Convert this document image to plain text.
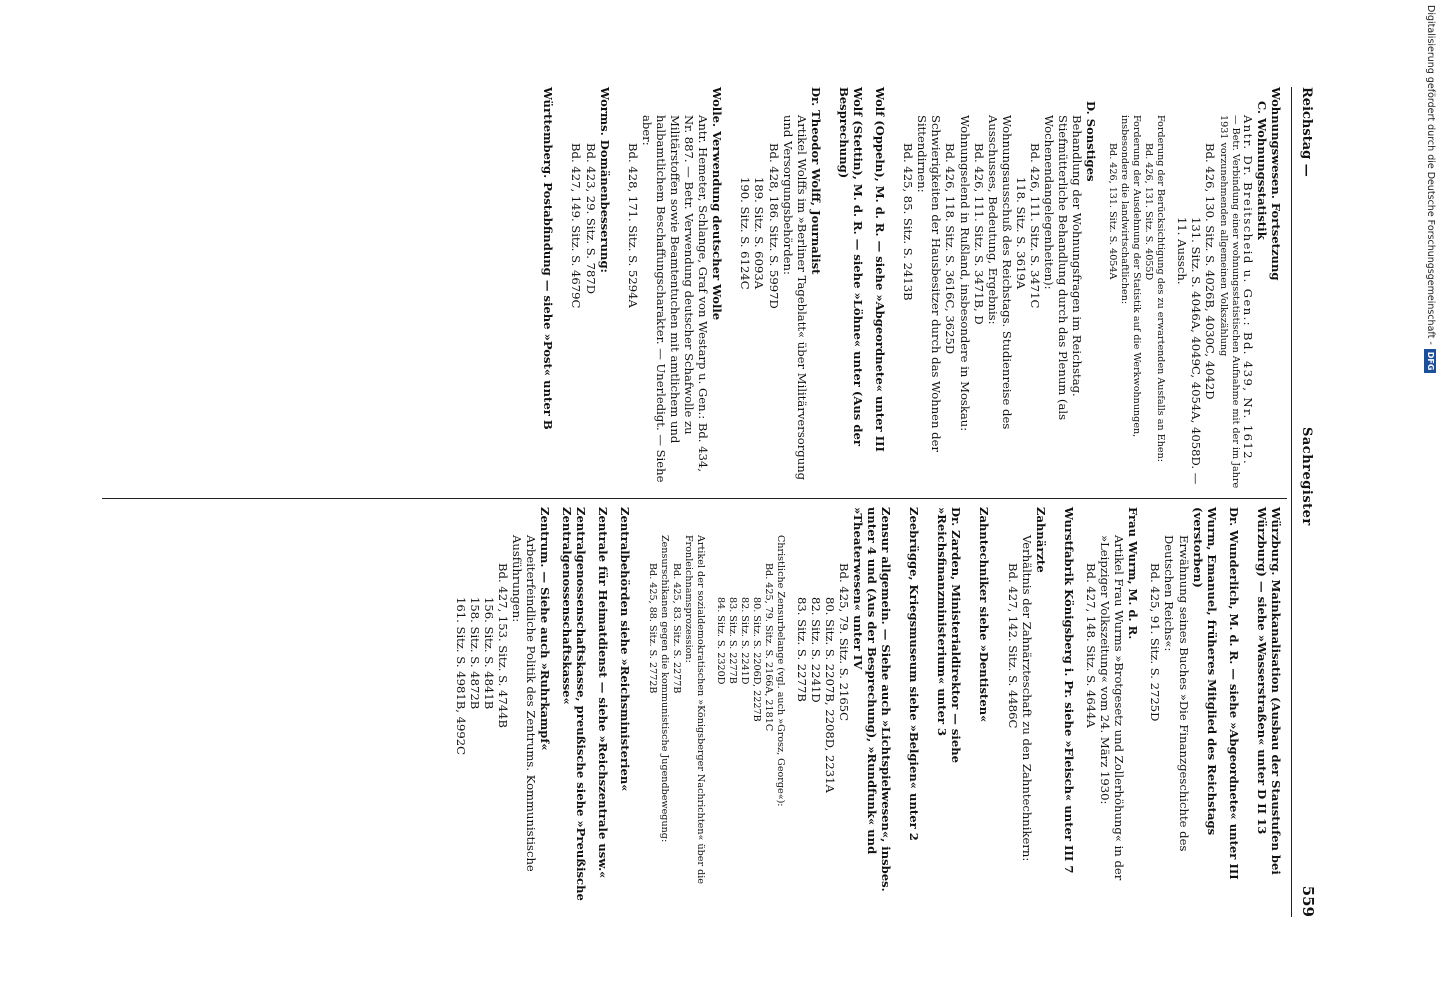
Reichstag —
Sachregister
559
Wohnungswesen. Fortsetzung
C. Wohnungsstatistik
Antr. Dr. Breitscheid u. Gen.: Bd. 439, Nr. 1612.
— Betr. Verbindung einer wohnungsstatistischen Aufnahme mit der im Jahre 1931 vorzunehmenden allgemeinen Volkszählung
Bd. 426, 130. Sitz. S. 4026B, 4030C, 4042D
131. Sitz. S. 4046A, 4049C, 4054A, 4058D. —
11. Aussch.
Forderung der Berücksichtigung des zu erwartenden Ausfalls an Ehen:
Bd. 426, 131. Sitz. S. 4055D
Forderung der Ausdehnung der Statistik auf die Werkwohnungen, insbesondere die landwirtschaftlichen:
Bd. 426, 131. Sitz. S. 4054A
D. Sonstiges
Behandlung der Wohnungsfragen im Reichstag. Stiefmütterliche Behandlung durch das Plenum (als Wochenendangelegenheiten):
Bd. 426, 111. Sitz. S. 3471C
118. Sitz. S. 3619A
Wohnungsausschuß des Reichstags. Studienreise des Ausschusses, Bedeutung, Ergebnis:
Bd. 426, 111. Sitz. S. 3471B, D
Wohnungselend in Rußland, insbesondere in Moskau:
Bd. 426, 118. Sitz. S. 3616C, 3625D
Schwierigkeiten der Hausbesitzer durch das Wohnen der Sittendirnen:
Bd. 425, 85. Sitz. S. 2413B
Wolf (Oppeln), M. d. R. — siehe »Abgeordnete« unter III
Wolf (Stettin), M. d. R. — siehe »Löhne« unter (Aus der Besprechung)
Dr. Theodor Wolff, Journalist
Artikel Wolffs im »Berliner Tageblatt« über Militärversorgung und Versorgungsbehörden:
Bd. 428, 186. Sitz. S. 5997D
189. Sitz. S. 6093A
190. Sitz. S. 6124C
Wolle. Verwendung deutscher Wolle
Antr. Hemeter, Schlange, Graf von Westarp u. Gen.: Bd. 434, Nr. 887. — Betr. Verwendung deutscher Schafwolle zu Militärstoffen sowie Beamtentuchen mit amtlichem und halbamtlichem Beschaffungscharakter. — Unerledigt. — Siehe aber:
Bd. 428, 171. Sitz. S. 5294A
Worms. Domänenbesserung:
Bd. 423, 29. Sitz. S. 787D
Bd. 427, 149. Sitz. S. 4679C
Württemberg. Postabfindung — siehe »Post« unter B
Würzburg. Mainkanalisation (Ausbau der Staustufen bei Würzburg) — siehe »Wasserstraßen« unter D II 13
Dr. Wunderlich, M. d. R. — siehe »Abgeordnete« unter III
Wurm, Emanuel, früheres Mitglied des Reichstags (verstorben)
Erwähnung seines Buches »Die Finanzgeschichte des Deutschen Reichs«:
Bd. 425, 91. Sitz. S. 2725D
Frau Wurm, M. d. R.
Artikel Frau Wurms »Brotgesetz und Zollerhöhung« in der »Leipziger Volkszeitung« vom 24. März 1930:
Bd. 427, 148. Sitz. S. 4644A
Wurstfabrik Königsberg i. Pr. siehe »Fleisch« unter III 7
Zahnärzte
Verhältnis der Zahnärzteschaft zu den Zahntechnikern:
Bd. 427, 142. Sitz. S. 4486C
Zahntechniker siehe »Dentisten«
Dr. Zarden, Ministerialdirektor — siehe »Reichsfinanzministerium« unter 3
Zeebrügge, Kriegsmuseum siehe »Belgien« unter 2
Zensur allgemein. — Siehe auch »Lichtspielwesen«, insbes. unter 4 und (Aus der Besprechung), »Rundfunk« und »Theaterwesen« unter IV
Bd. 425, 79. Sitz. S. 2165C
80. Sitz. S. 2207B, 2208D, 2231A
82. Sitz. S. 2241D
83. Sitz. S. 2277B
Christliche Zensurbelange (vgl. auch »Grosz, George«):
Bd. 425, 79. Sitz. S. 2166A, 2181C
80. Sitz. S. 2206D, 2227B
82. Sitz. S. 2241D
83. Sitz. S. 2277B
84. Sitz. S. 2320D
Artikel der sozialdemokratischen »Königsberger Nachrichten« über die Fronleichnamsprozession:
Bd. 425, 83. Sitz. S. 2277B
Zensurschikanen gegen die kommunistische Jugendbewegung:
Bd. 425, 88. Sitz. S. 2772B
Zentralbehörden siehe »Reichsministerien«
Zentrale für Heimatdienst — siehe »Reichszentrale usw.«
Zentralgenossenschaftskasse, preußische siehe »Preußische Zentralgenossenschaftskasse«
Zentrum. — Siehe auch »Ruhrkampf«
Arbeiterfeindliche Politik des Zentrums. Kommunistische Ausführungen:
Bd. 427, 153. Sitz. S. 4744B
156. Sitz. S. 4841B
158. Sitz. S. 4872B
161. Sitz. S. 4981B, 4992C
Digitalisierung gefördert durch die Deutsche Forschungsgemeinschaft -DFG
